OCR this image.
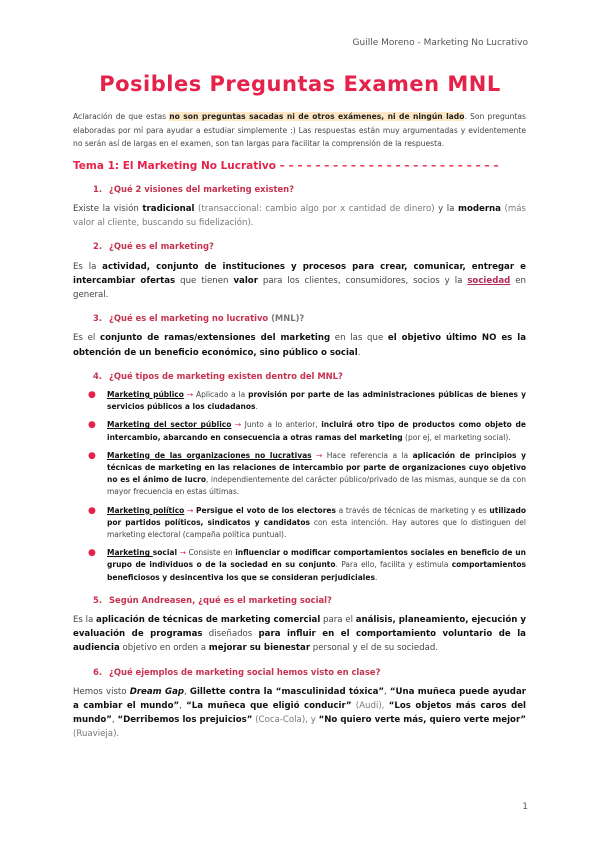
Guille Moreno - Marketing No Lucrativo
Posibles Preguntas Examen MNL
Aclaración de que estas no son preguntas sacadas ni de otros exámenes, ni de ningún lado. Son preguntas elaboradas por mí para ayudar a estudiar simplemente :) Las respuestas están muy argumentadas y evidentemente no serán así de largas en el examen, son tan largas para facilitar la comprensión de la respuesta.
Tema 1: El Marketing No Lucrativo – – – – – – – – – – – – – – – – – – – – – – – – –
1. ¿Qué 2 visiones del marketing existen?
Existe la visión tradicional (transaccional: cambio algo por x cantidad de dinero) y la moderna (más valor al cliente, buscando su fidelización).
2. ¿Qué es el marketing?
Es la actividad, conjunto de instituciones y procesos para crear, comunicar, entregar e intercambiar ofertas que tienen valor para los clientes, consumidores, socios y la sociedad en general.
3. ¿Qué es el marketing no lucrativo (MNL)?
Es el conjunto de ramas/extensiones del marketing en las que el objetivo último NO es la obtención de un beneficio económico, sino público o social.
4. ¿Qué tipos de marketing existen dentro del MNL?
● Marketing público → Aplicado a la provisión por parte de las administraciones públicas de bienes y servicios públicos a los ciudadanos.
● Marketing del sector público → Junto a lo anterior, incluirá otro tipo de productos como objeto de intercambio, abarcando en consecuencia a otras ramas del marketing (por ej, el marketing social).
● Marketing de las organizaciones no lucrativas → Hace referencia a la aplicación de principios y técnicas de marketing en las relaciones de intercambio por parte de organizaciones cuyo objetivo no es el ánimo de lucro, independientemente del carácter público/privado de las mismas, aunque se da con mayor frecuencia en estas últimas.
● Marketing político → Persigue el voto de los electores a través de técnicas de marketing y es utilizado por partidos políticos, sindicatos y candidatos con esta intención. Hay autores que lo distinguen del marketing electoral (campaña política puntual).
● Marketing social → Consiste en influenciar o modificar comportamientos sociales en beneficio de un grupo de individuos o de la sociedad en su conjunto. Para ello, facilita y estimula comportamientos beneficiosos y desincentiva los que se consideran perjudiciales.
5. Según Andreasen, ¿qué es el marketing social?
Es la aplicación de técnicas de marketing comercial para el análisis, planeamiento, ejecución y evaluación de programas diseñados para influir en el comportamiento voluntario de la audiencia objetivo en orden a mejorar su bienestar personal y el de su sociedad.
6. ¿Qué ejemplos de marketing social hemos visto en clase?
Hemos visto Dream Gap, Gillette contra la “masculinidad tóxica”, “Una muñeca puede ayudar a cambiar el mundo”, “La muñeca que eligió conducir” (Audi), “Los objetos más caros del mundo”, “Derribemos los prejuicios” (Coca-Cola), y “No quiero verte más, quiero verte mejor” (Ruavieja).
1
